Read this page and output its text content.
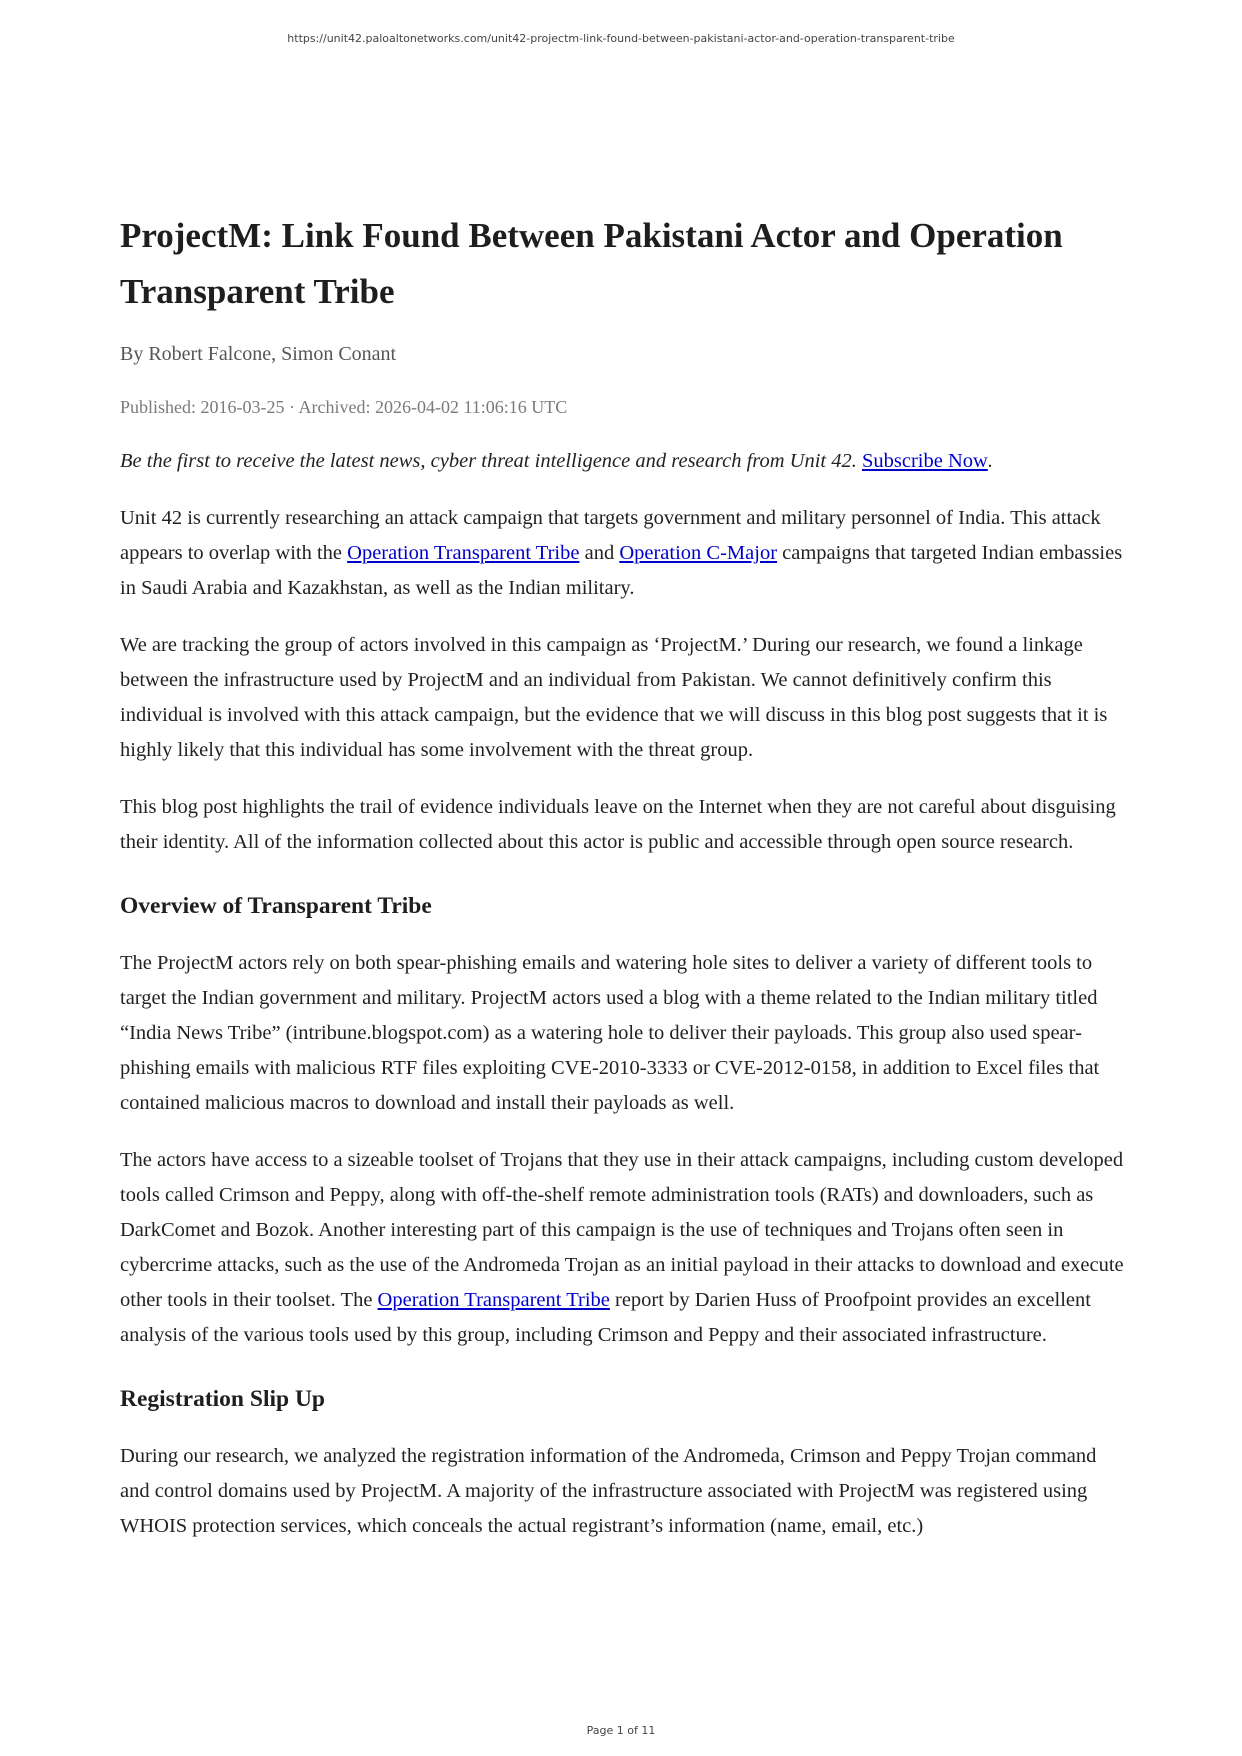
https://unit42.paloaltonetworks.com/unit42-projectm-link-found-between-pakistani-actor-and-operation-transparent-tribe
ProjectM: Link Found Between Pakistani Actor and Operation Transparent Tribe
By Robert Falcone, Simon Conant
Published: 2016-03-25 · Archived: 2026-04-02 11:06:16 UTC

Be the first to receive the latest news, cyber threat intelligence and research from Unit 42. Subscribe Now.

Unit 42 is currently researching an attack campaign that targets government and military personnel of India. This attack appears to overlap with the Operation Transparent Tribe and Operation C-Major campaigns that targeted Indian embassies in Saudi Arabia and Kazakhstan, as well as the Indian military.

We are tracking the group of actors involved in this campaign as ‘ProjectM.’ During our research, we found a linkage between the infrastructure used by ProjectM and an individual from Pakistan. We cannot definitively confirm this individual is involved with this attack campaign, but the evidence that we will discuss in this blog post suggests that it is highly likely that this individual has some involvement with the threat group.

This blog post highlights the trail of evidence individuals leave on the Internet when they are not careful about disguising their identity. All of the information collected about this actor is public and accessible through open source research.

Overview of Transparent Tribe

The ProjectM actors rely on both spear-phishing emails and watering hole sites to deliver a variety of different tools to target the Indian government and military. ProjectM actors used a blog with a theme related to the Indian military titled “India News Tribe” (intribune.blogspot.com) as a watering hole to deliver their payloads. This group also used spear-phishing emails with malicious RTF files exploiting CVE-2010-3333 or CVE-2012-0158, in addition to Excel files that contained malicious macros to download and install their payloads as well.

The actors have access to a sizeable toolset of Trojans that they use in their attack campaigns, including custom developed tools called Crimson and Peppy, along with off-the-shelf remote administration tools (RATs) and downloaders, such as DarkComet and Bozok. Another interesting part of this campaign is the use of techniques and Trojans often seen in cybercrime attacks, such as the use of the Andromeda Trojan as an initial payload in their attacks to download and execute other tools in their toolset. The Operation Transparent Tribe report by Darien Huss of Proofpoint provides an excellent analysis of the various tools used by this group, including Crimson and Peppy and their associated infrastructure.

Registration Slip Up

During our research, we analyzed the registration information of the Andromeda, Crimson and Peppy Trojan command and control domains used by ProjectM. A majority of the infrastructure associated with ProjectM was registered using WHOIS protection services, which conceals the actual registrant’s information (name, email, etc.)

Page 1 of 11
